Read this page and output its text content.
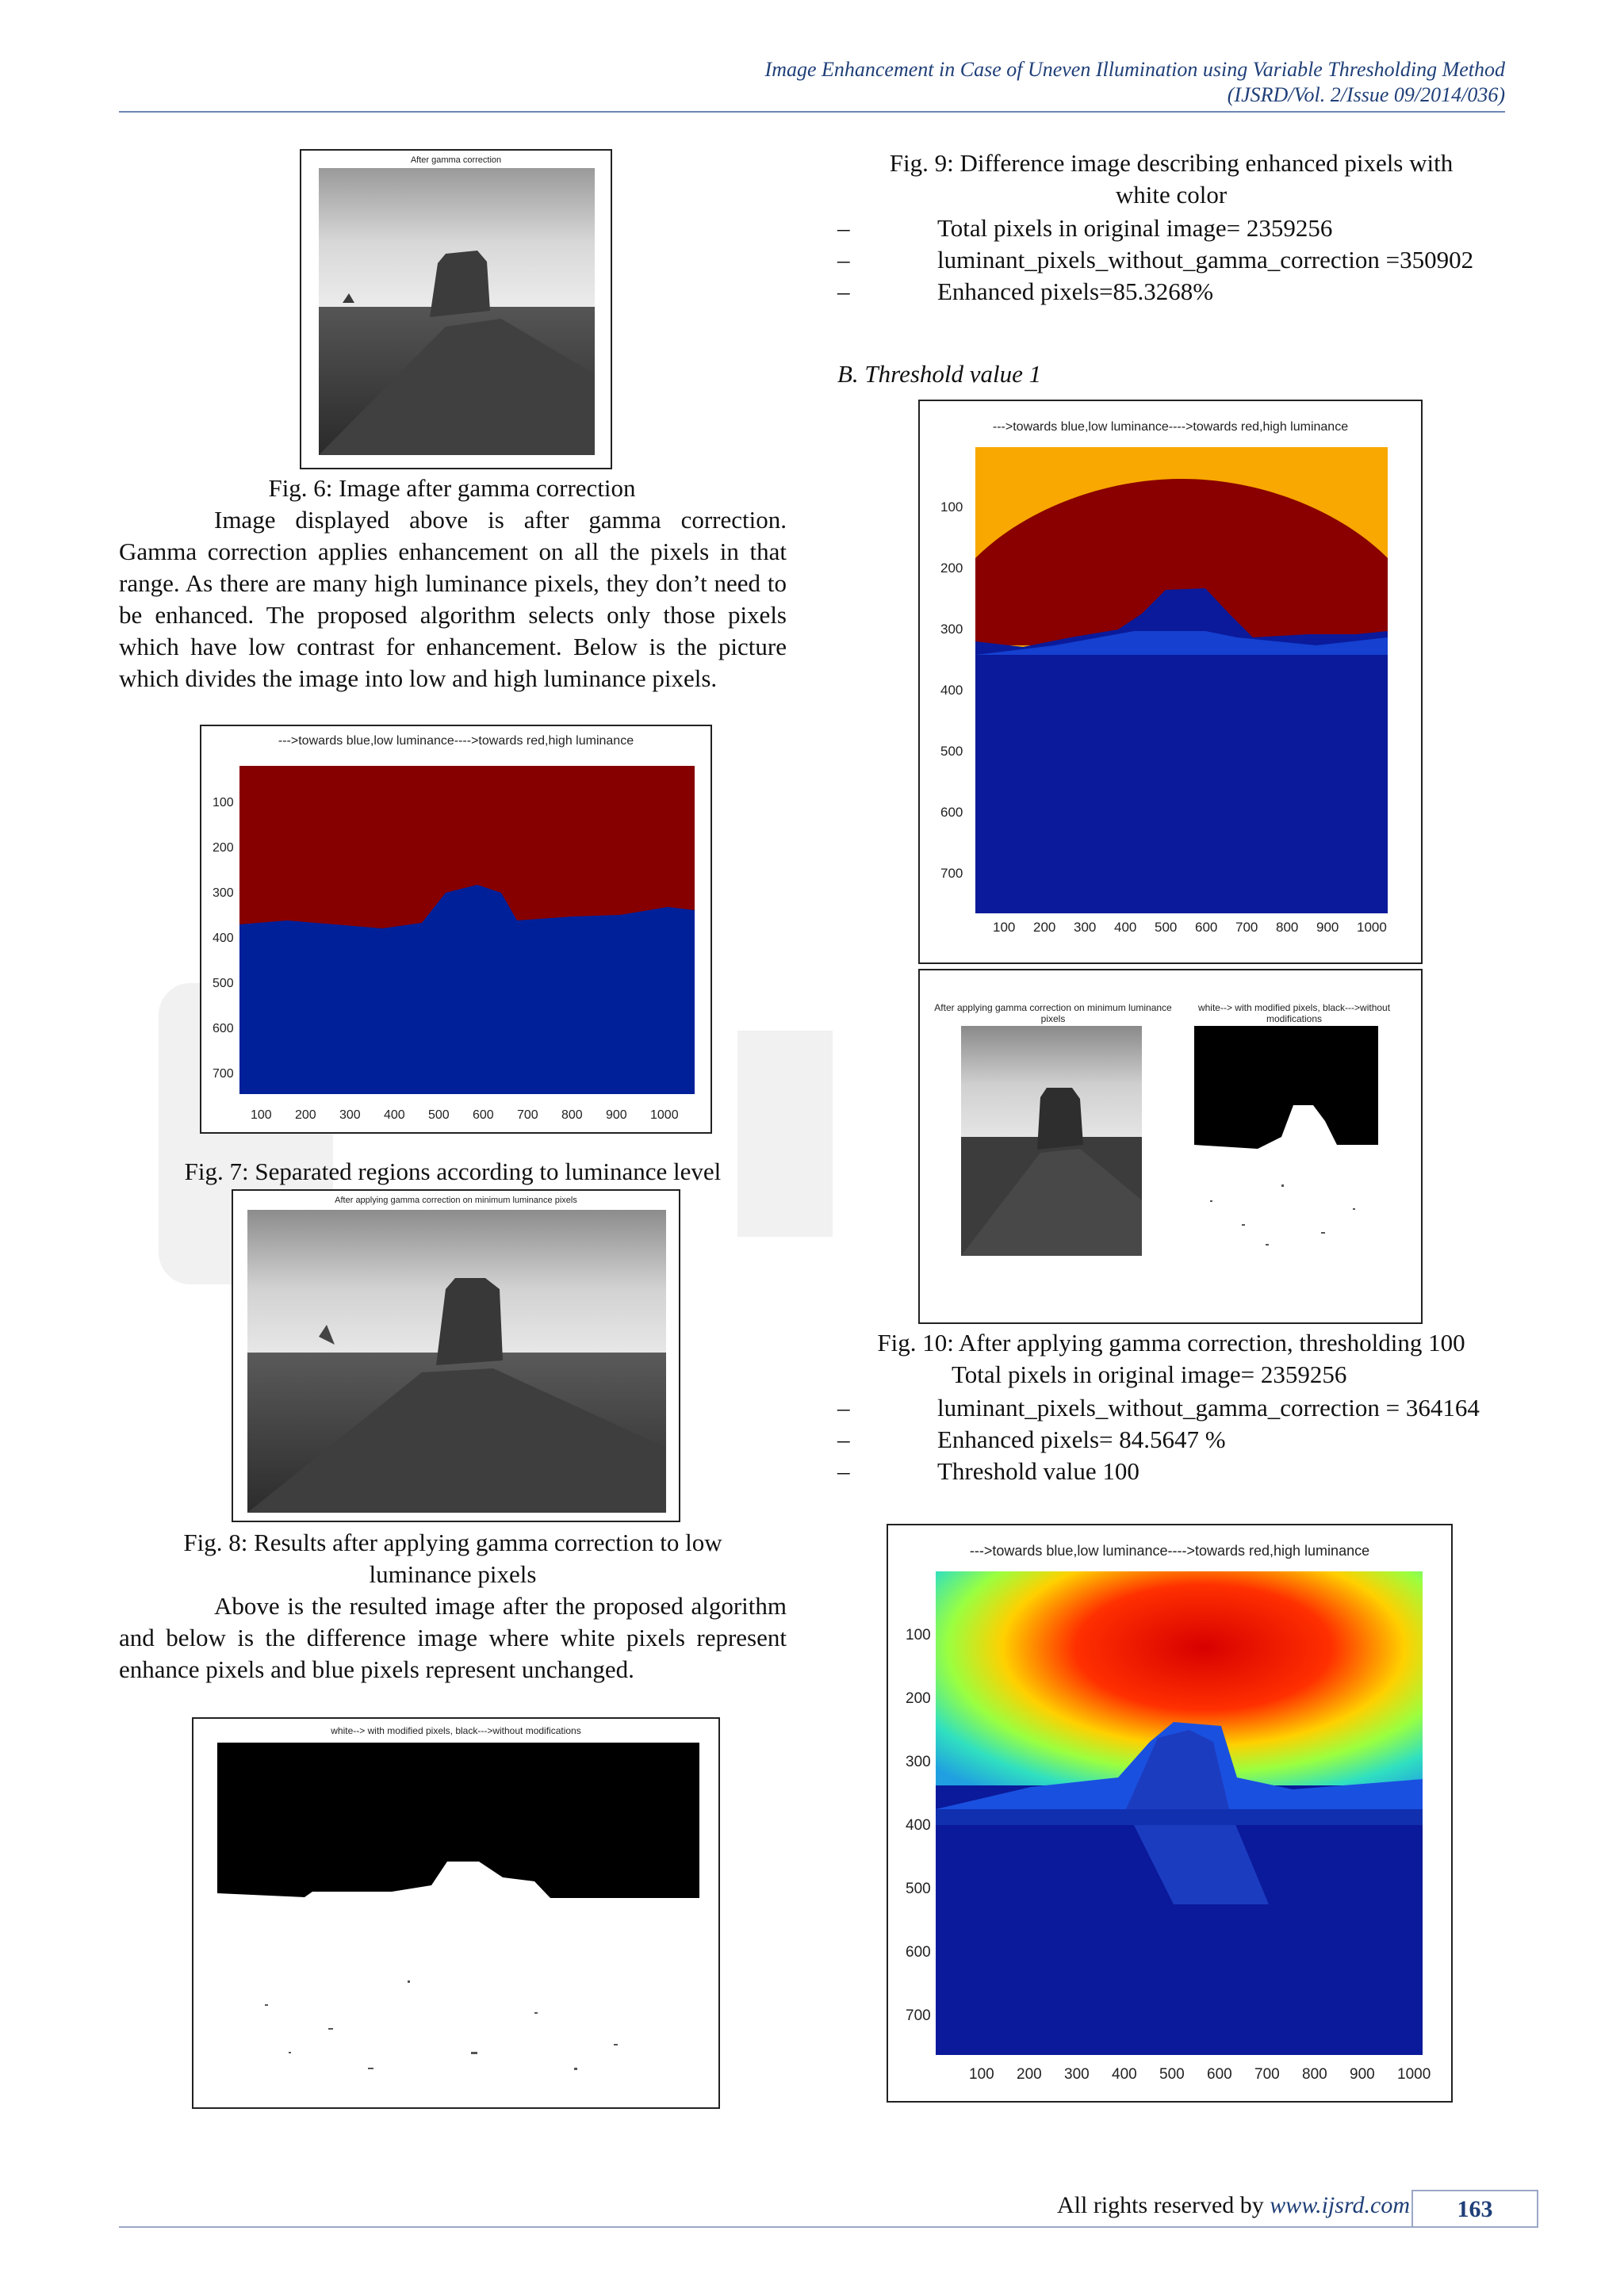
Image Enhancement in Case of Uneven Illumination using Variable Thresholding Method
(IJSRD/Vol. 2/Issue 09/2014/036)
After gamma correction
Fig. 6: Image after gamma correction
Image displayed above is after gamma correction. Gamma correction applies enhancement on all the pixels in that range. As there are many high luminance pixels, they don’t need to be enhanced. The proposed algorithm selects only those pixels which have low contrast for enhancement. Below is the picture which divides the image into low and high luminance pixels.
--->towards blue,low luminance---->towards red,high luminance
100
200
300
400
500
600
700
100 200 300 400 500 600 700 800 900 1000
Fig. 7: Separated regions according to luminance level
After applying gamma correction on minimum luminance pixels
Fig. 8: Results after applying gamma correction to low
luminance pixels
Above is the resulted image after the proposed algorithm and below is the difference image where white pixels represent enhance pixels and blue pixels represent unchanged.
white--> with modified pixels, black--->without modifications
Fig. 9: Difference image describing enhanced pixels with
white color
– Total pixels in original image= 2359256
– luminant_pixels_without_gamma_correction =350902
– Enhanced pixels=85.3268%
B. Threshold value 1
--->towards blue,low luminance---->towards red,high luminance
100
200
300
400
500
600
700
100 200 300 400 500 600 700 800 900 1000
After applying gamma correction on minimum luminance pixels
white--> with modified pixels, black--->without modifications
Fig. 10: After applying gamma correction, thresholding 100
Total pixels in original image= 2359256
– luminant_pixels_without_gamma_correction = 364164
– Enhanced pixels= 84.5647 %
– Threshold value 100
--->towards blue,low luminance---->towards red,high luminance
100
200
300
400
500
600
700
100 200 300 400 500 600 700 800 900 1000
All rights reserved by www.ijsrd.com	163
